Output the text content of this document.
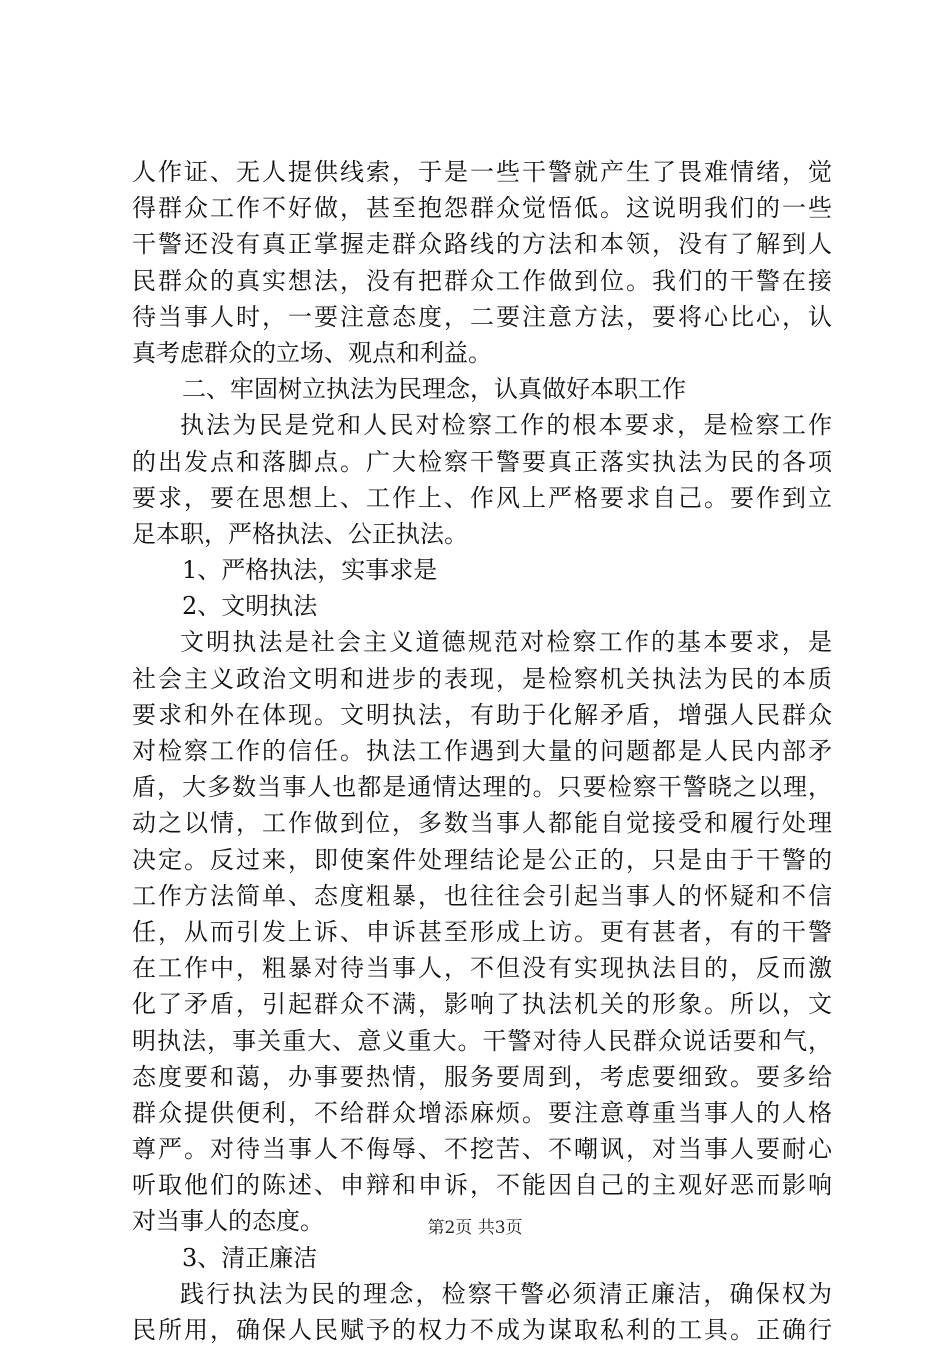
人作证、无人提供线索，于是一些干警就产生了畏难情绪，觉
得群众工作不好做，甚至抱怨群众觉悟低。这说明我们的一些
干警还没有真正掌握走群众路线的方法和本领，没有了解到人
民群众的真实想法，没有把群众工作做到位。我们的干警在接
待当事人时，一要注意态度，二要注意方法，要将心比心，认
真考虑群众的立场、观点和利益。
二、牢固树立执法为民理念，认真做好本职工作
执法为民是党和人民对检察工作的根本要求，是检察工作
的出发点和落脚点。广大检察干警要真正落实执法为民的各项
要求，要在思想上、工作上、作风上严格要求自己。要作到立
足本职，严格执法、公正执法。
1、严格执法，实事求是
2、文明执法
文明执法是社会主义道德规范对检察工作的基本要求，是
社会主义政治文明和进步的表现，是检察机关执法为民的本质
要求和外在体现。文明执法，有助于化解矛盾，增强人民群众
对检察工作的信任。执法工作遇到大量的问题都是人民内部矛
盾，大多数当事人也都是通情达理的。只要检察干警晓之以理，
动之以情，工作做到位，多数当事人都能自觉接受和履行处理
决定。反过来，即使案件处理结论是公正的，只是由于干警的
工作方法简单、态度粗暴，也往往会引起当事人的怀疑和不信
任，从而引发上诉、申诉甚至形成上访。更有甚者，有的干警
在工作中，粗暴对待当事人，不但没有实现执法目的，反而激
化了矛盾，引起群众不满，影响了执法机关的形象。所以，文
明执法，事关重大、意义重大。干警对待人民群众说话要和气，
态度要和蔼，办事要热情，服务要周到，考虑要细致。要多给
群众提供便利，不给群众增添麻烦。要注意尊重当事人的人格
尊严。对待当事人不侮辱、不挖苦、不嘲讽，对当事人要耐心
听取他们的陈述、申辩和申诉，不能因自己的主观好恶而影响
对当事人的态度。
3、清正廉洁
践行执法为民的理念，检察干警必须清正廉洁，确保权为
民所用，确保人民赋予的权力不成为谋取私利的工具。正确行
第2页 共3页
